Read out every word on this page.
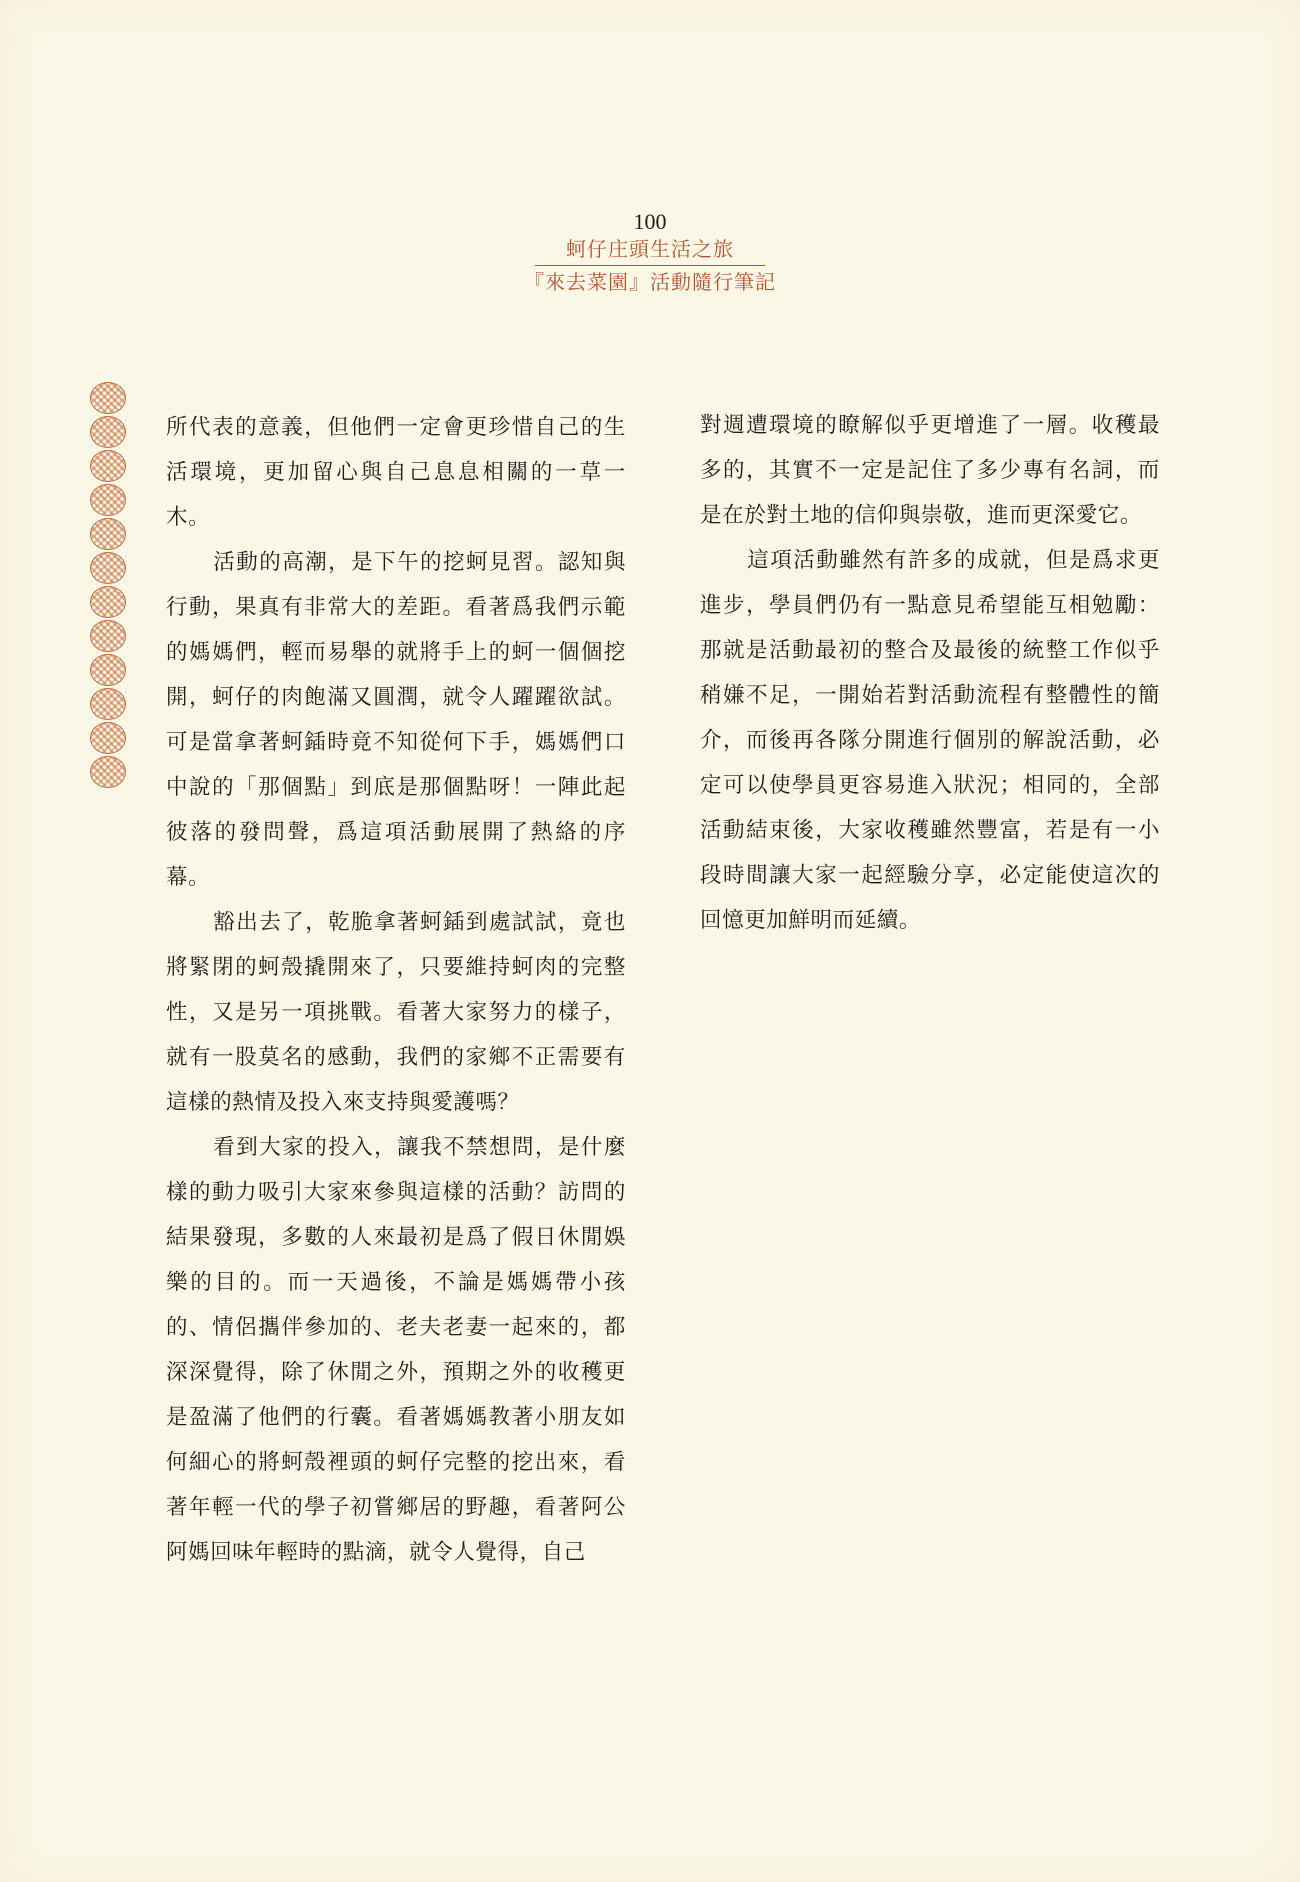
100
蚵仔庄頭生活之旅
『來去菜園』活動隨行筆記

所代表的意義，但他們一定會更珍惜自己的生活環境，更加留心與自己息息相關的一草一木。

活動的高潮，是下午的挖蚵見習。認知與行動，果真有非常大的差距。看著爲我們示範的媽媽們，輕而易舉的就將手上的蚵一個個挖開，蚵仔的肉飽滿又圓潤，就令人躍躍欲試。可是當拿著蚵鍤時竟不知從何下手，媽媽們口中說的「那個點」到底是那個點呀！一陣此起彼落的發問聲，爲這項活動展開了熱絡的序幕。

豁出去了，乾脆拿著蚵鍤到處試試，竟也將緊閉的蚵殼撬開來了，只要維持蚵肉的完整性，又是另一項挑戰。看著大家努力的樣子，就有一股莫名的感動，我們的家鄉不正需要有這樣的熱情及投入來支持與愛護嗎？

看到大家的投入，讓我不禁想問，是什麼樣的動力吸引大家來參與這樣的活動？訪問的結果發現，多數的人來最初是爲了假日休閒娛樂的目的。而一天過後，不論是媽媽帶小孩的、情侶攜伴參加的、老夫老妻一起來的，都深深覺得，除了休閒之外，預期之外的收穫更是盈滿了他們的行囊。看著媽媽教著小朋友如何細心的將蚵殼裡頭的蚵仔完整的挖出來，看著年輕一代的學子初嘗鄉居的野趣，看著阿公阿媽回味年輕時的點滴，就令人覺得，自己

對週遭環境的瞭解似乎更增進了一層。收穫最多的，其實不一定是記住了多少專有名詞，而是在於對土地的信仰與崇敬，進而更深愛它。

這項活動雖然有許多的成就，但是爲求更進步，學員們仍有一點意見希望能互相勉勵：那就是活動最初的整合及最後的統整工作似乎稍嫌不足，一開始若對活動流程有整體性的簡介，而後再各隊分開進行個別的解說活動，必定可以使學員更容易進入狀況；相同的，全部活動結束後，大家收穫雖然豐富，若是有一小段時間讓大家一起經驗分享，必定能使這次的回憶更加鮮明而延續。
